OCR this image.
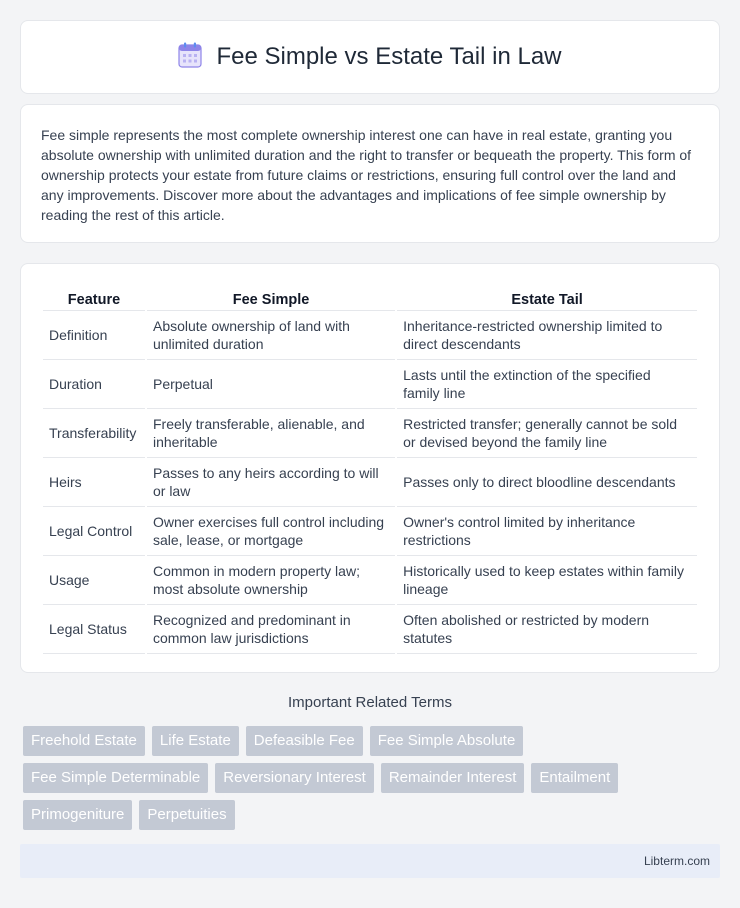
Fee Simple vs Estate Tail in Law

Fee simple represents the most complete ownership interest one can have in real estate, granting you absolute ownership with unlimited duration and the right to transfer or bequeath the property. This form of ownership protects your estate from future claims or restrictions, ensuring full control over the land and any improvements. Discover more about the advantages and implications of fee simple ownership by reading the rest of this article.

Feature	Fee Simple	Estate Tail
Definition	Absolute ownership of land with unlimited duration	Inheritance-restricted ownership limited to direct descendants
Duration	Perpetual	Lasts until the extinction of the specified family line
Transferability	Freely transferable, alienable, and inheritable	Restricted transfer; generally cannot be sold or devised beyond the family line
Heirs	Passes to any heirs according to will or law	Passes only to direct bloodline descendants
Legal Control	Owner exercises full control including sale, lease, or mortgage	Owner's control limited by inheritance restrictions
Usage	Common in modern property law; most absolute ownership	Historically used to keep estates within family lineage
Legal Status	Recognized and predominant in common law jurisdictions	Often abolished or restricted by modern statutes
Important Related Terms
Freehold Estate	Life Estate	Defeasible Fee	Fee Simple Absolute
Fee Simple Determinable	Reversionary Interest	Remainder Interest	Entailment
Primogeniture	Perpetuities
Libterm.com
